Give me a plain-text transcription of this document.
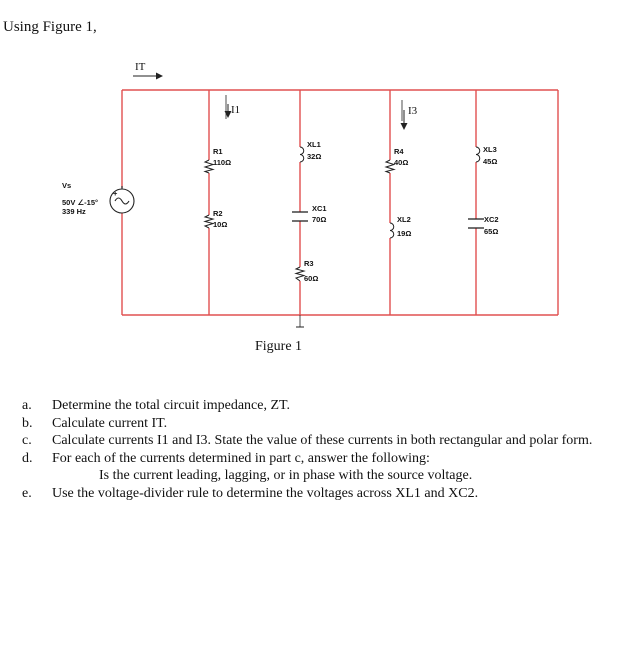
Using Figure 1,
+
Vs
50V ∠-15°
339 Hz
IT
I1	I3
R1
110Ω
R2
10Ω
XL1
32Ω
XC1
70Ω
R3
60Ω
R4
40Ω
XL2
19Ω
XL3
45Ω
XC2
65Ω
Figure 1
a. Determine the total circuit impedance, ZT.
b. Calculate current IT.
c. Calculate currents I1 and I3. State the value of these currents in both rectangular and polar form.
d. For each of the currents determined in part c, answer the following:
Is the current leading, lagging, or in phase with the source voltage.
e. Use the voltage-divider rule to determine the voltages across XL1 and XC2.
